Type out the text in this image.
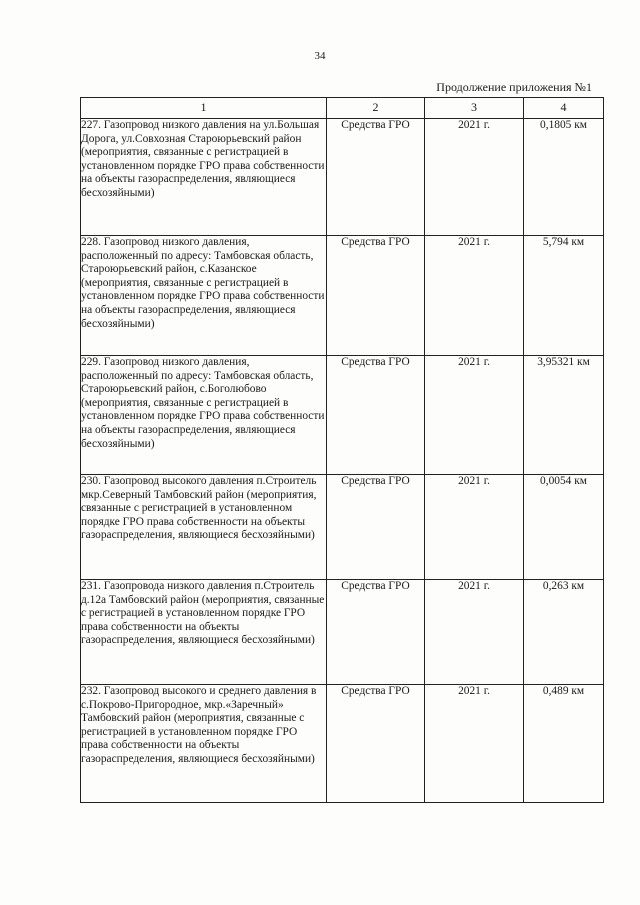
34
Продолжение приложения №1
1	2	3	4
227. Газопровод низкого давления на ул.Большая Дорога, ул.Совхозная Староюрьевский район (мероприятия, связанные с регистрацией в установленном порядке ГРО права собственности на объекты газораспределения, являющиеся бесхозяйными)	Средства ГРО	2021 г.	0,1805 км
228. Газопровод низкого давления, расположенный по адресу: Тамбовская область, Староюрьевский район, с.Казанское (мероприятия, связанные с регистрацией в установленном порядке ГРО права собственности на объекты газораспределения, являющиеся бесхозяйными)	Средства ГРО	2021 г.	5,794 км
229. Газопровод низкого давления, расположенный по адресу: Тамбовская область, Староюрьевский район, с.Боголюбово (мероприятия, связанные с регистрацией в установленном порядке ГРО права собственности на объекты газораспределения, являющиеся бесхозяйными)	Средства ГРО	2021 г.	3,95321 км
230. Газопровод высокого давления п.Строитель мкр.Северный Тамбовский район (мероприятия, связанные с регистрацией в установленном порядке ГРО права собственности на объекты газораспределения, являющиеся бесхозяйными)	Средства ГРО	2021 г.	0,0054 км
231. Газопровода низкого давления п.Строитель д.12а Тамбовский район (мероприятия, связанные с регистрацией в установленном порядке ГРО права собственности на объекты газораспределения, являющиеся бесхозяйными)	Средства ГРО	2021 г.	0,263 км
232. Газопровод высокого и среднего давления в с.Покрово-Пригородное, мкр.«Заречный» Тамбовский район (мероприятия, связанные с регистрацией в установленном порядке ГРО права собственности на объекты газораспределения, являющиеся бесхозяйными)	Средства ГРО	2021 г.	0,489 км
